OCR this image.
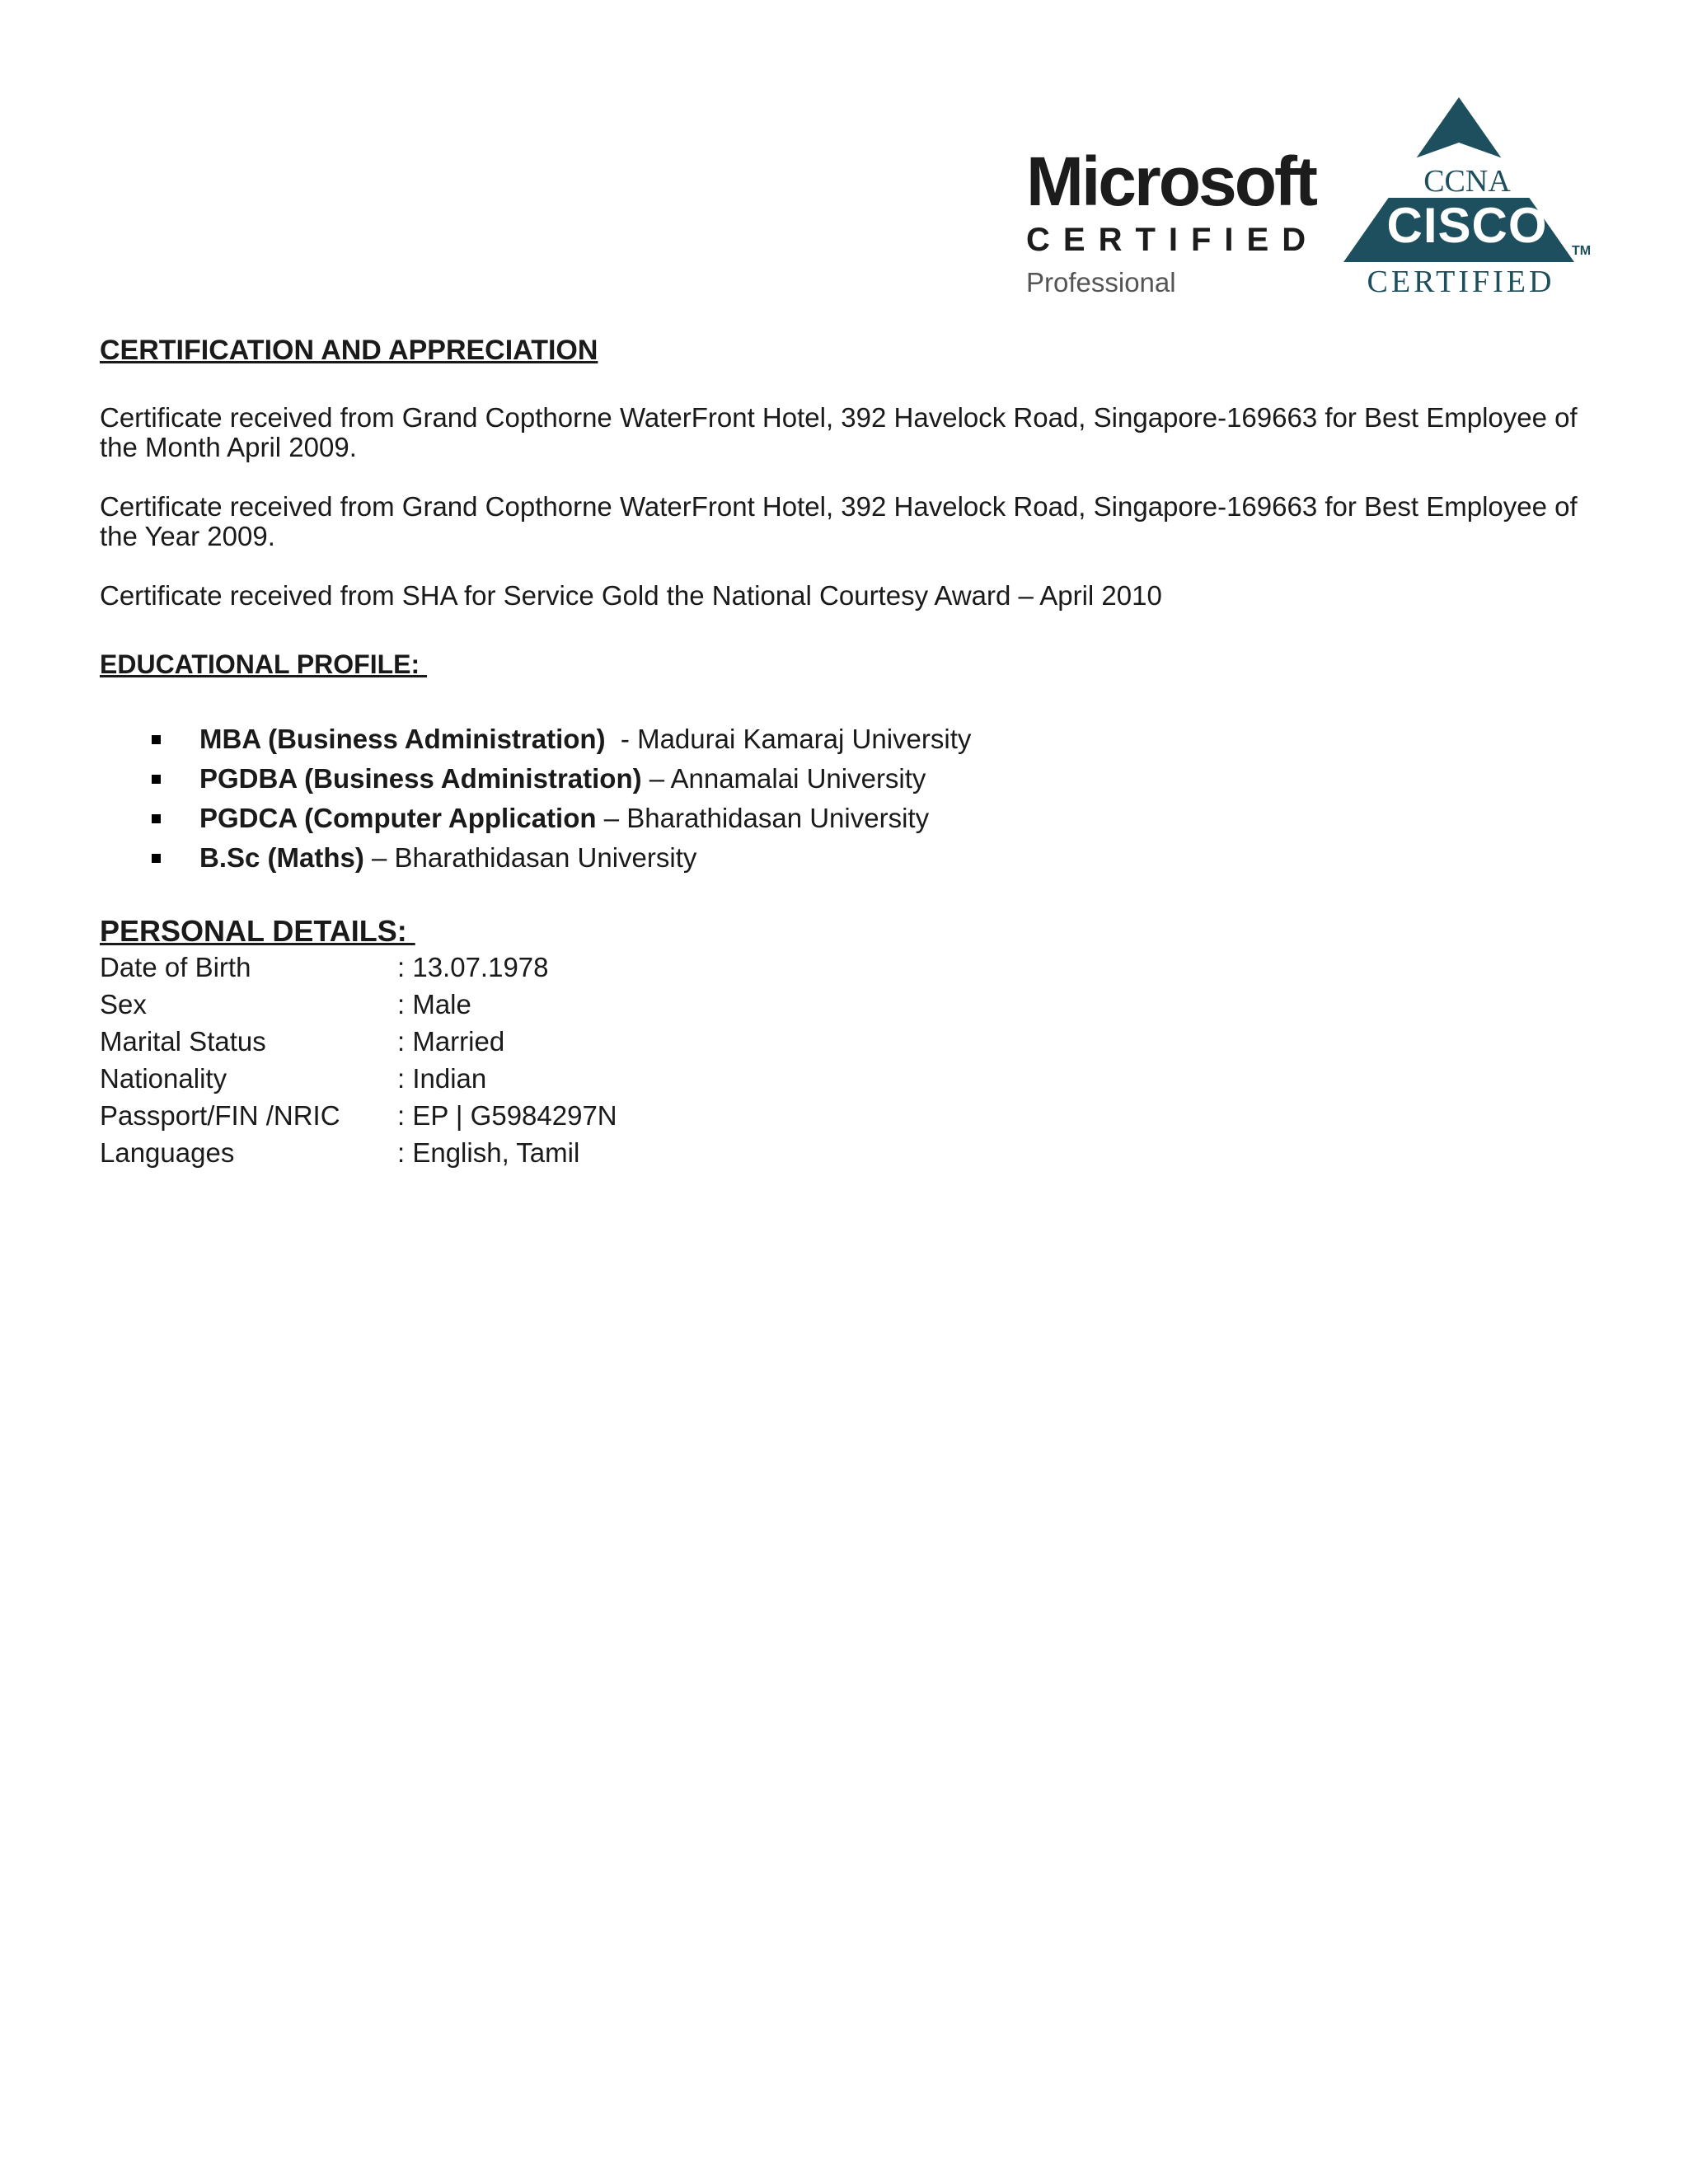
Microsoft
CERTIFIED
Professional
CCNA
CISCO	TM
CERTIFIED
CERTIFICATION AND APPRECIATION

Certificate received from Grand Copthorne WaterFront Hotel, 392 Havelock Road, Singapore-169663 for Best Employee of the Month April 2009.

Certificate received from Grand Copthorne WaterFront Hotel, 392 Havelock Road, Singapore-169663 for Best Employee of the Year 2009.

Certificate received from SHA for Service Gold the National Courtesy Award – April 2010

EDUCATIONAL PROFILE:
MBA (Business Administration)  - Madurai Kamaraj University
PGDBA (Business Administration) – Annamalai University
PGDCA (Computer Application – Bharathidasan University
B.Sc (Maths) – Bharathidasan University
PERSONAL DETAILS:
Date of Birth	: 13.07.1978
Sex	: Male
Marital Status	: Married
Nationality	: Indian
Passport/FIN /NRIC : EP | G5984297N
Languages	: English, Tamil
